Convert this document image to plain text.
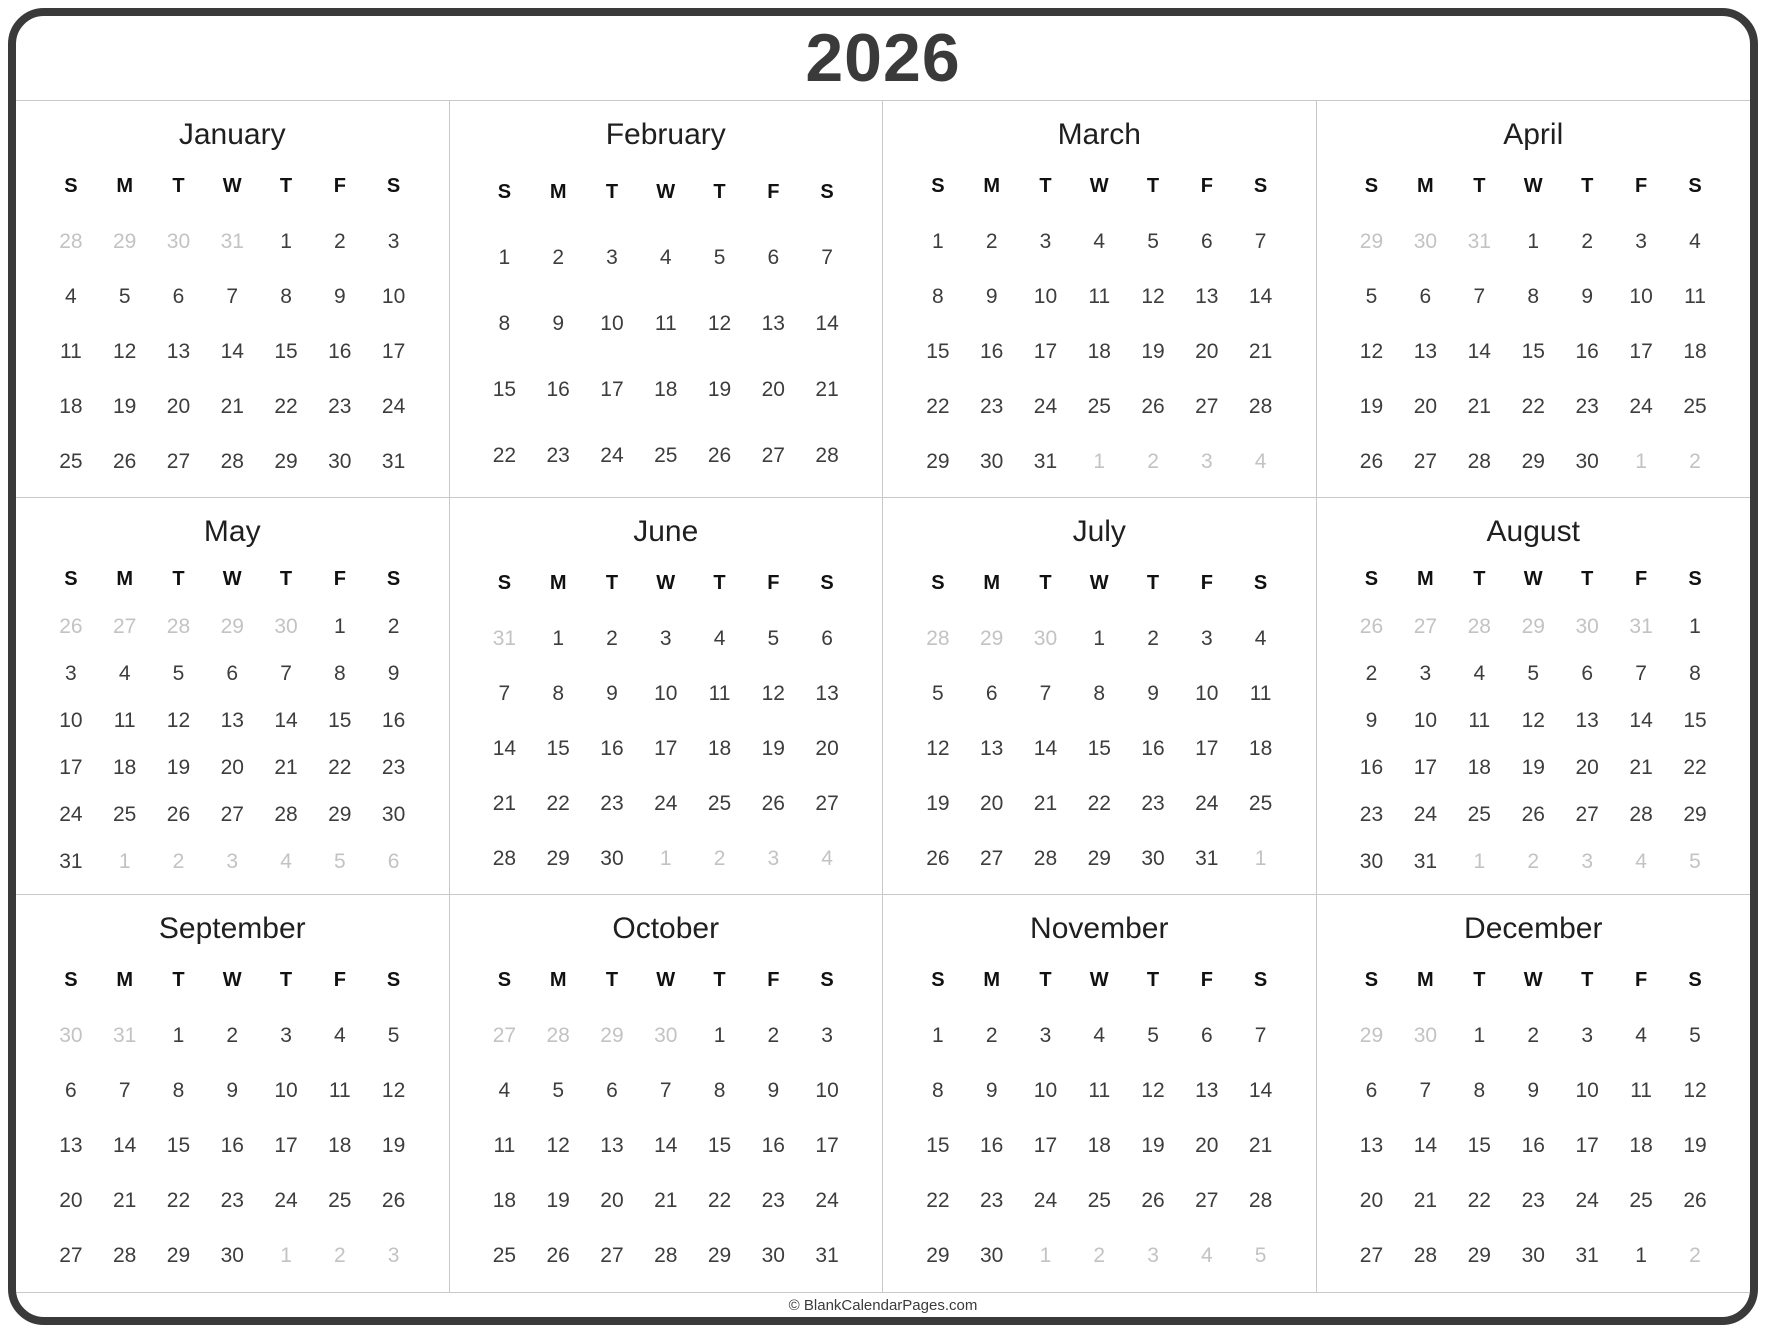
2026
January
S	M	T	W	T	F	S
28	29	30	31	1	2	3
4	5	6	7	8	9	10
11	12	13	14	15	16	17
18	19	20	21	22	23	24
25	26	27	28	29	30	31
February
S	M	T	W	T	F	S
1	2	3	4	5	6	7
8	9	10	11	12	13	14
15	16	17	18	19	20	21
22	23	24	25	26	27	28
March
S	M	T	W	T	F	S
1	2	3	4	5	6	7
8	9	10	11	12	13	14
15	16	17	18	19	20	21
22	23	24	25	26	27	28
29	30	31	1	2	3	4
April
S	M	T	W	T	F	S
29	30	31	1	2	3	4
5	6	7	8	9	10	11
12	13	14	15	16	17	18
19	20	21	22	23	24	25
26	27	28	29	30	1	2
May
S	M	T	W	T	F	S
26	27	28	29	30	1	2
3	4	5	6	7	8	9
10	11	12	13	14	15	16
17	18	19	20	21	22	23
24	25	26	27	28	29	30
31	1	2	3	4	5	6
June
S	M	T	W	T	F	S
31	1	2	3	4	5	6
7	8	9	10	11	12	13
14	15	16	17	18	19	20
21	22	23	24	25	26	27
28	29	30	1	2	3	4
July
S	M	T	W	T	F	S
28	29	30	1	2	3	4
5	6	7	8	9	10	11
12	13	14	15	16	17	18
19	20	21	22	23	24	25
26	27	28	29	30	31	1
August
S	M	T	W	T	F	S
26	27	28	29	30	31	1
2	3	4	5	6	7	8
9	10	11	12	13	14	15
16	17	18	19	20	21	22
23	24	25	26	27	28	29
30	31	1	2	3	4	5
September
S	M	T	W	T	F	S
30	31	1	2	3	4	5
6	7	8	9	10	11	12
13	14	15	16	17	18	19
20	21	22	23	24	25	26
27	28	29	30	1	2	3
October
S	M	T	W	T	F	S
27	28	29	30	1	2	3
4	5	6	7	8	9	10
11	12	13	14	15	16	17
18	19	20	21	22	23	24
25	26	27	28	29	30	31
November
S	M	T	W	T	F	S
1	2	3	4	5	6	7
8	9	10	11	12	13	14
15	16	17	18	19	20	21
22	23	24	25	26	27	28
29	30	1	2	3	4	5
December
S	M	T	W	T	F	S
29	30	1	2	3	4	5
6	7	8	9	10	11	12
13	14	15	16	17	18	19
20	21	22	23	24	25	26
27	28	29	30	31	1	2
© BlankCalendarPages.com
